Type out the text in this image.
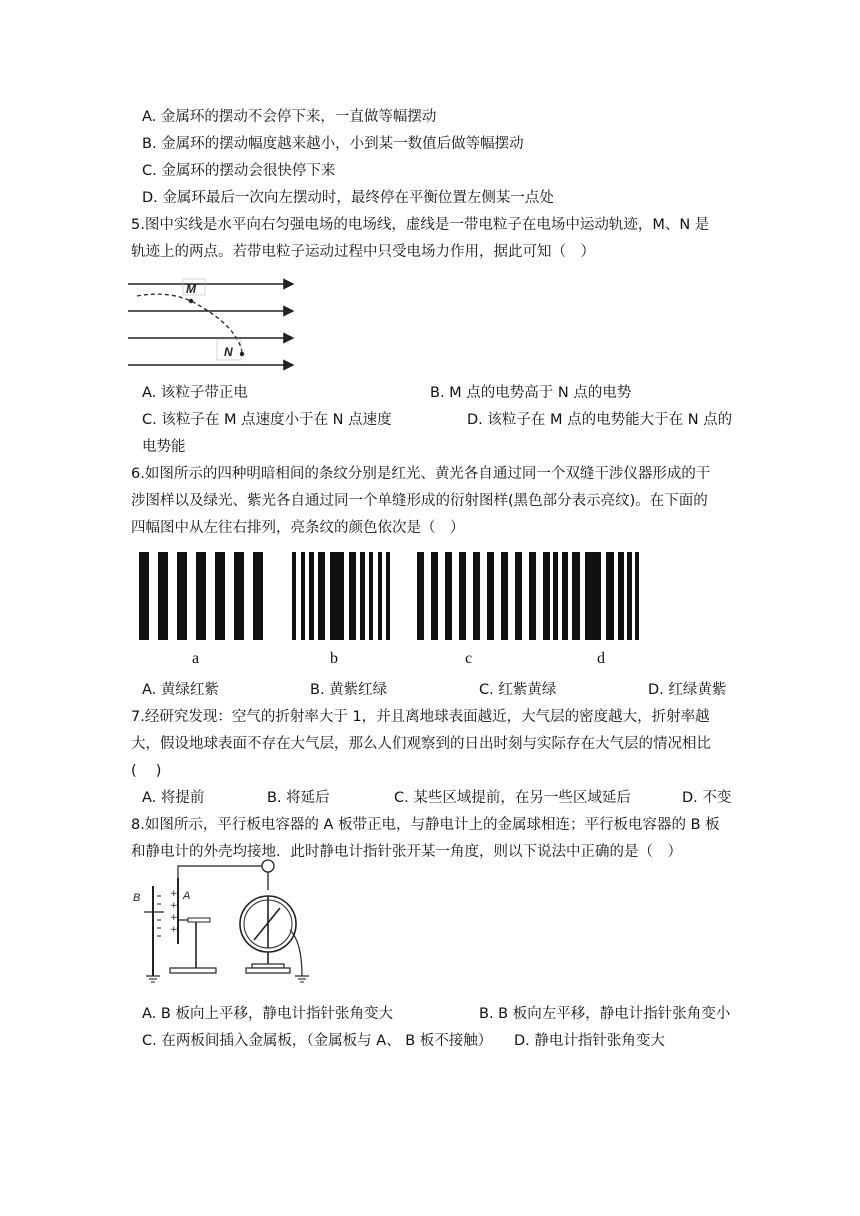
A. 金属环的摆动不会停下来，一直做等幅摆动
B. 金属环的摆动幅度越来越小，小到某一数值后做等幅摆动
C. 金属环的摆动会很快停下来
D. 金属环最后一次向左摆动时，最终停在平衡位置左侧某一点处
5.图中实线是水平向右匀强电场的电场线，虚线是一带电粒子在电场中运动轨迹，M、N 是
轨迹上的两点。若带电粒子运动过程中只受电场力作用，据此可知（　）
M
N
A. 该粒子带正电	B. M 点的电势高于 N 点的电势
C. 该粒子在 M 点速度小于在 N 点速度	D. 该粒子在 M 点的电势能大于在 N 点的
电势能
6.如图所示的四种明暗相间的条纹分别是红光、黄光各自通过同一个双缝干涉仪器形成的干
涉图样以及绿光、紫光各自通过同一个单缝形成的衍射图样(黑色部分表示亮纹)。在下面的
四幅图中从左往右排列，亮条纹的颜色依次是（　）
a	b	c	d
A. 黄绿红紫	B. 黄紫红绿	C. 红紫黄绿	D. 红绿黄紫
7.经研究发现：空气的折射率大于 1，并且离地球表面越近，大气层的密度越大，折射率越
大，假设地球表面不存在大气层，那么人们观察到的日出时刻与实际存在大气层的情况相比
(　 )
A. 将提前	B. 将延后	C. 某些区域提前，在另一些区域延后	D. 不变
8.如图所示，平行板电容器的 A 板带正电，与静电计上的金属球相连；平行板电容器的 B 板
和静电计的外壳均接地．此时静电计指针张开某一角度，则以下说法中正确的是（　）
B	A
+
+
+
+
A. B 板向上平移，静电计指针张角变大	B. B 板向左平移，静电计指针张角变小
C. 在两板间插入金属板，（金属板与 A、 B 板不接触） D. 静电计指针张角变大
